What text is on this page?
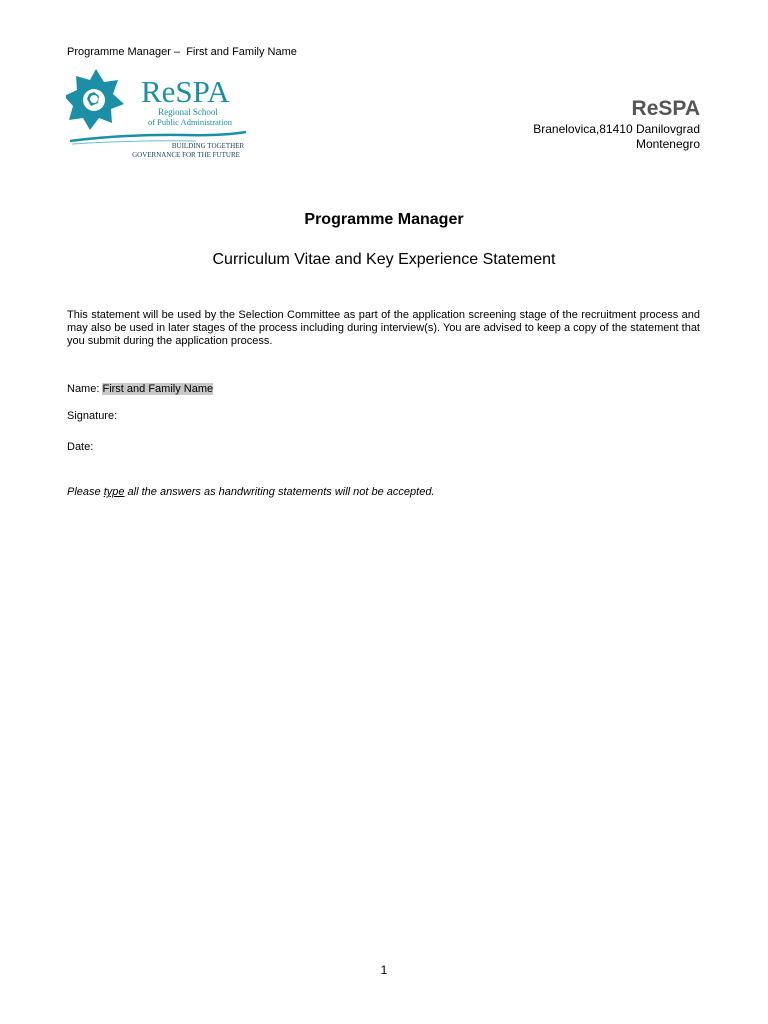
Programme Manager –  First and Family Name
ReSPA
Regional School
of Public Administration
BUILDING TOGETHER
GOVERNANCE FOR THE FUTURE
ReSPA
Branelovica,81410 Danilovgrad
Montenegro
Programme Manager
Curriculum Vitae and Key Experience Statement

This statement will be used by the Selection Committee as part of the application screening stage of the recruitment process and may also be used in later stages of the process including during interview(s). You are advised to keep a copy of the statement that you submit during the application process.

Name: First and Family Name
Signature:
Date:
Please type all the answers as handwriting statements will not be accepted.
1
